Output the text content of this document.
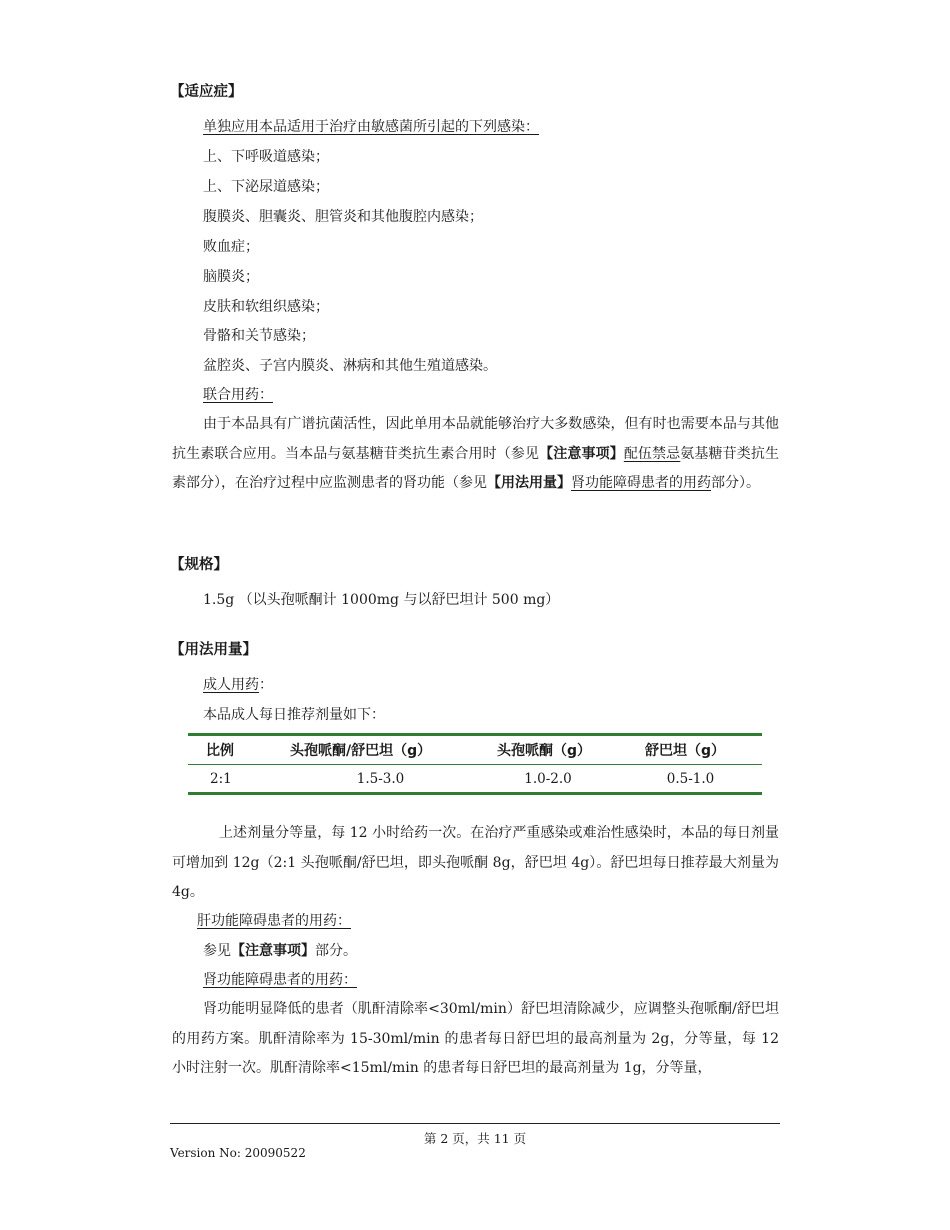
【适应症】
单独应用本品适用于治疗由敏感菌所引起的下列感染：
上、下呼吸道感染；
上、下泌尿道感染；
腹膜炎、胆囊炎、胆管炎和其他腹腔内感染；
败血症；
脑膜炎；
皮肤和软组织感染；
骨骼和关节感染；
盆腔炎、子宫内膜炎、淋病和其他生殖道感染。
联合用药：
由于本品具有广谱抗菌活性，因此单用本品就能够治疗大多数感染，但有时也需要本品与其他抗生素联合应用。当本品与氨基糖苷类抗生素合用时（参见【注意事项】配伍禁忌氨基糖苷类抗生素部分），在治疗过程中应监测患者的肾功能（参见【用法用量】肾功能障碍患者的用药部分）。
【规格】
1.5g （以头孢哌酮计 1000mg 与以舒巴坦计 500 mg）
【用法用量】
成人用药：
本品成人每日推荐剂量如下：
比例	头孢哌酮/舒巴坦（g）	头孢哌酮（g）	舒巴坦（g）
2:1	1.5-3.0	1.0-2.0	0.5-1.0
上述剂量分等量，每 12 小时给药一次。在治疗严重感染或难治性感染时，本品的每日剂量可增加到 12g（2:1 头孢哌酮/舒巴坦，即头孢哌酮 8g，舒巴坦 4g）。舒巴坦每日推荐最大剂量为 4g。
肝功能障碍患者的用药：
参见【注意事项】部分。
肾功能障碍患者的用药：
肾功能明显降低的患者（肌酐清除率<30ml/min）舒巴坦清除减少，应调整头孢哌酮/舒巴坦的用药方案。肌酐清除率为 15-30ml/min 的患者每日舒巴坦的最高剂量为 2g，分等量，每 12 小时注射一次。肌酐清除率<15ml/min 的患者每日舒巴坦的最高剂量为 1g，分等量，
第 2 页，共 11 页
Version No: 20090522
